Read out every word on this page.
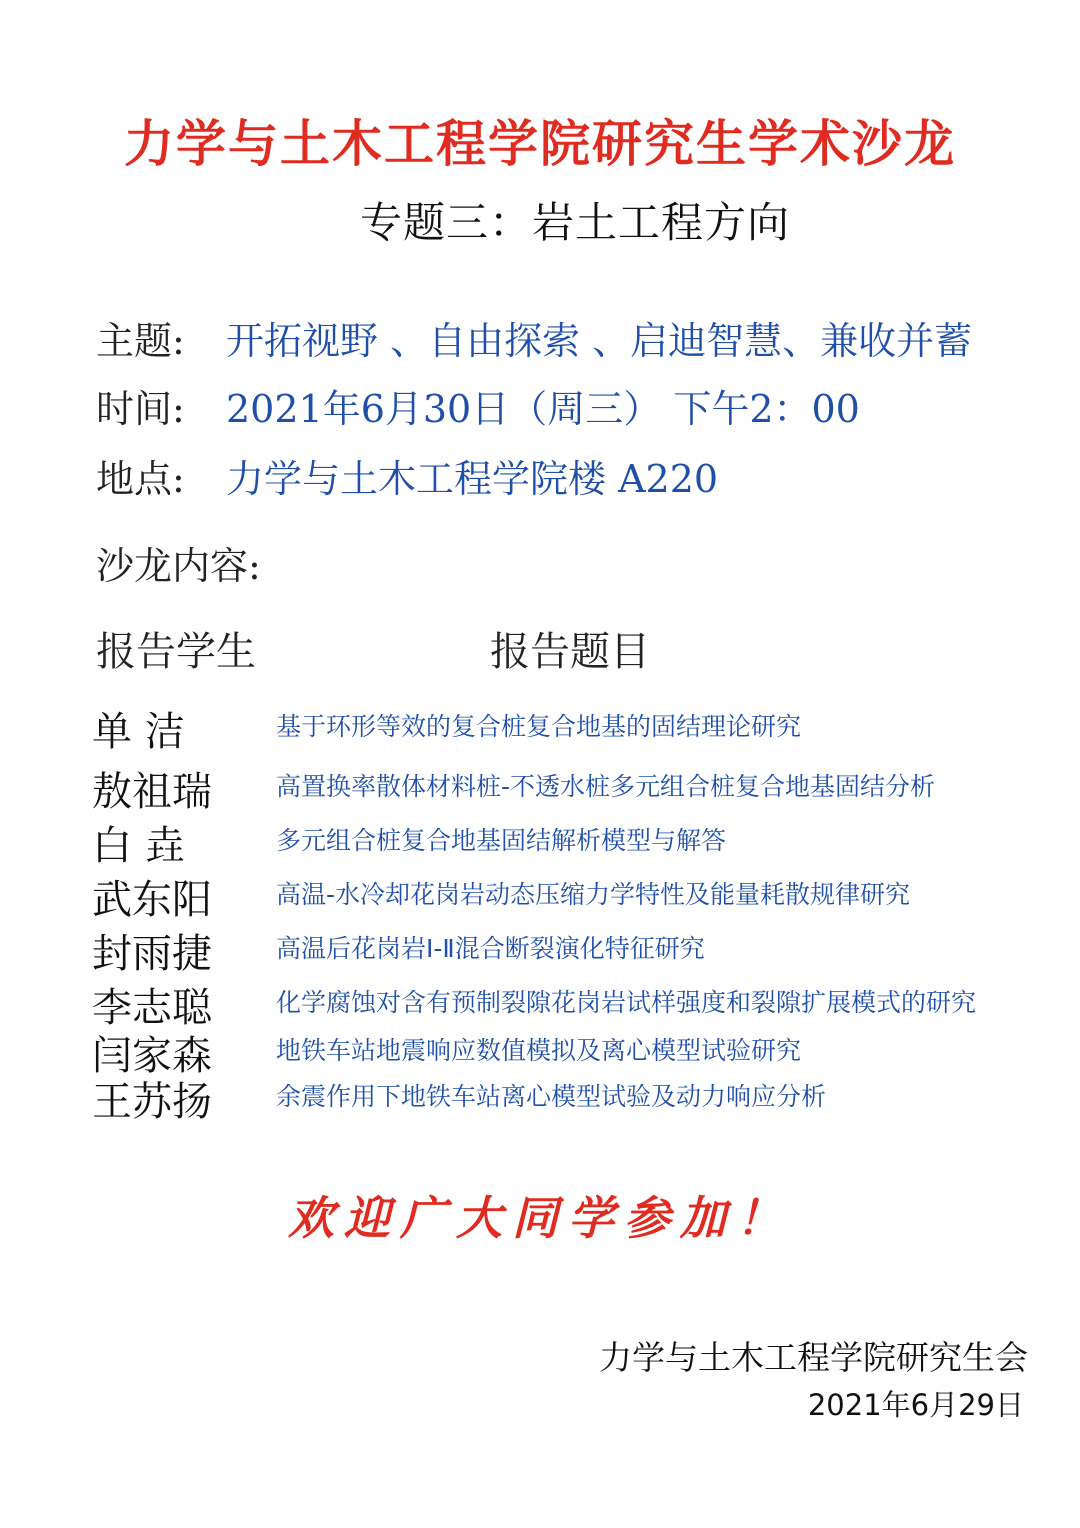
力学与土木工程学院研究生学术沙龙
专题三：岩土工程方向
主题: 开拓视野 、自由探索 、启迪智慧、兼收并蓄
时间: 2021年6月30日（周三） 下午2：00
地点: 力学与土木工程学院楼 A220
沙龙内容:
报告学生	报告题目
单 洁	基于环形等效的复合桩复合地基的固结理论研究
敖祖瑞	高置换率散体材料桩-不透水桩多元组合桩复合地基固结分析
白 垚	多元组合桩复合地基固结解析模型与解答
武东阳	高温-水冷却花岗岩动态压缩力学特性及能量耗散规律研究
封雨捷	高温后花岗岩Ⅰ-Ⅱ混合断裂演化特征研究
李志聪	化学腐蚀对含有预制裂隙花岗岩试样强度和裂隙扩展模式的研究
闫家森	地铁车站地震响应数值模拟及离心模型试验研究
王苏扬	余震作用下地铁车站离心模型试验及动力响应分析
欢迎广大同学参加！
力学与土木工程学院研究生会
2021年6月29日
